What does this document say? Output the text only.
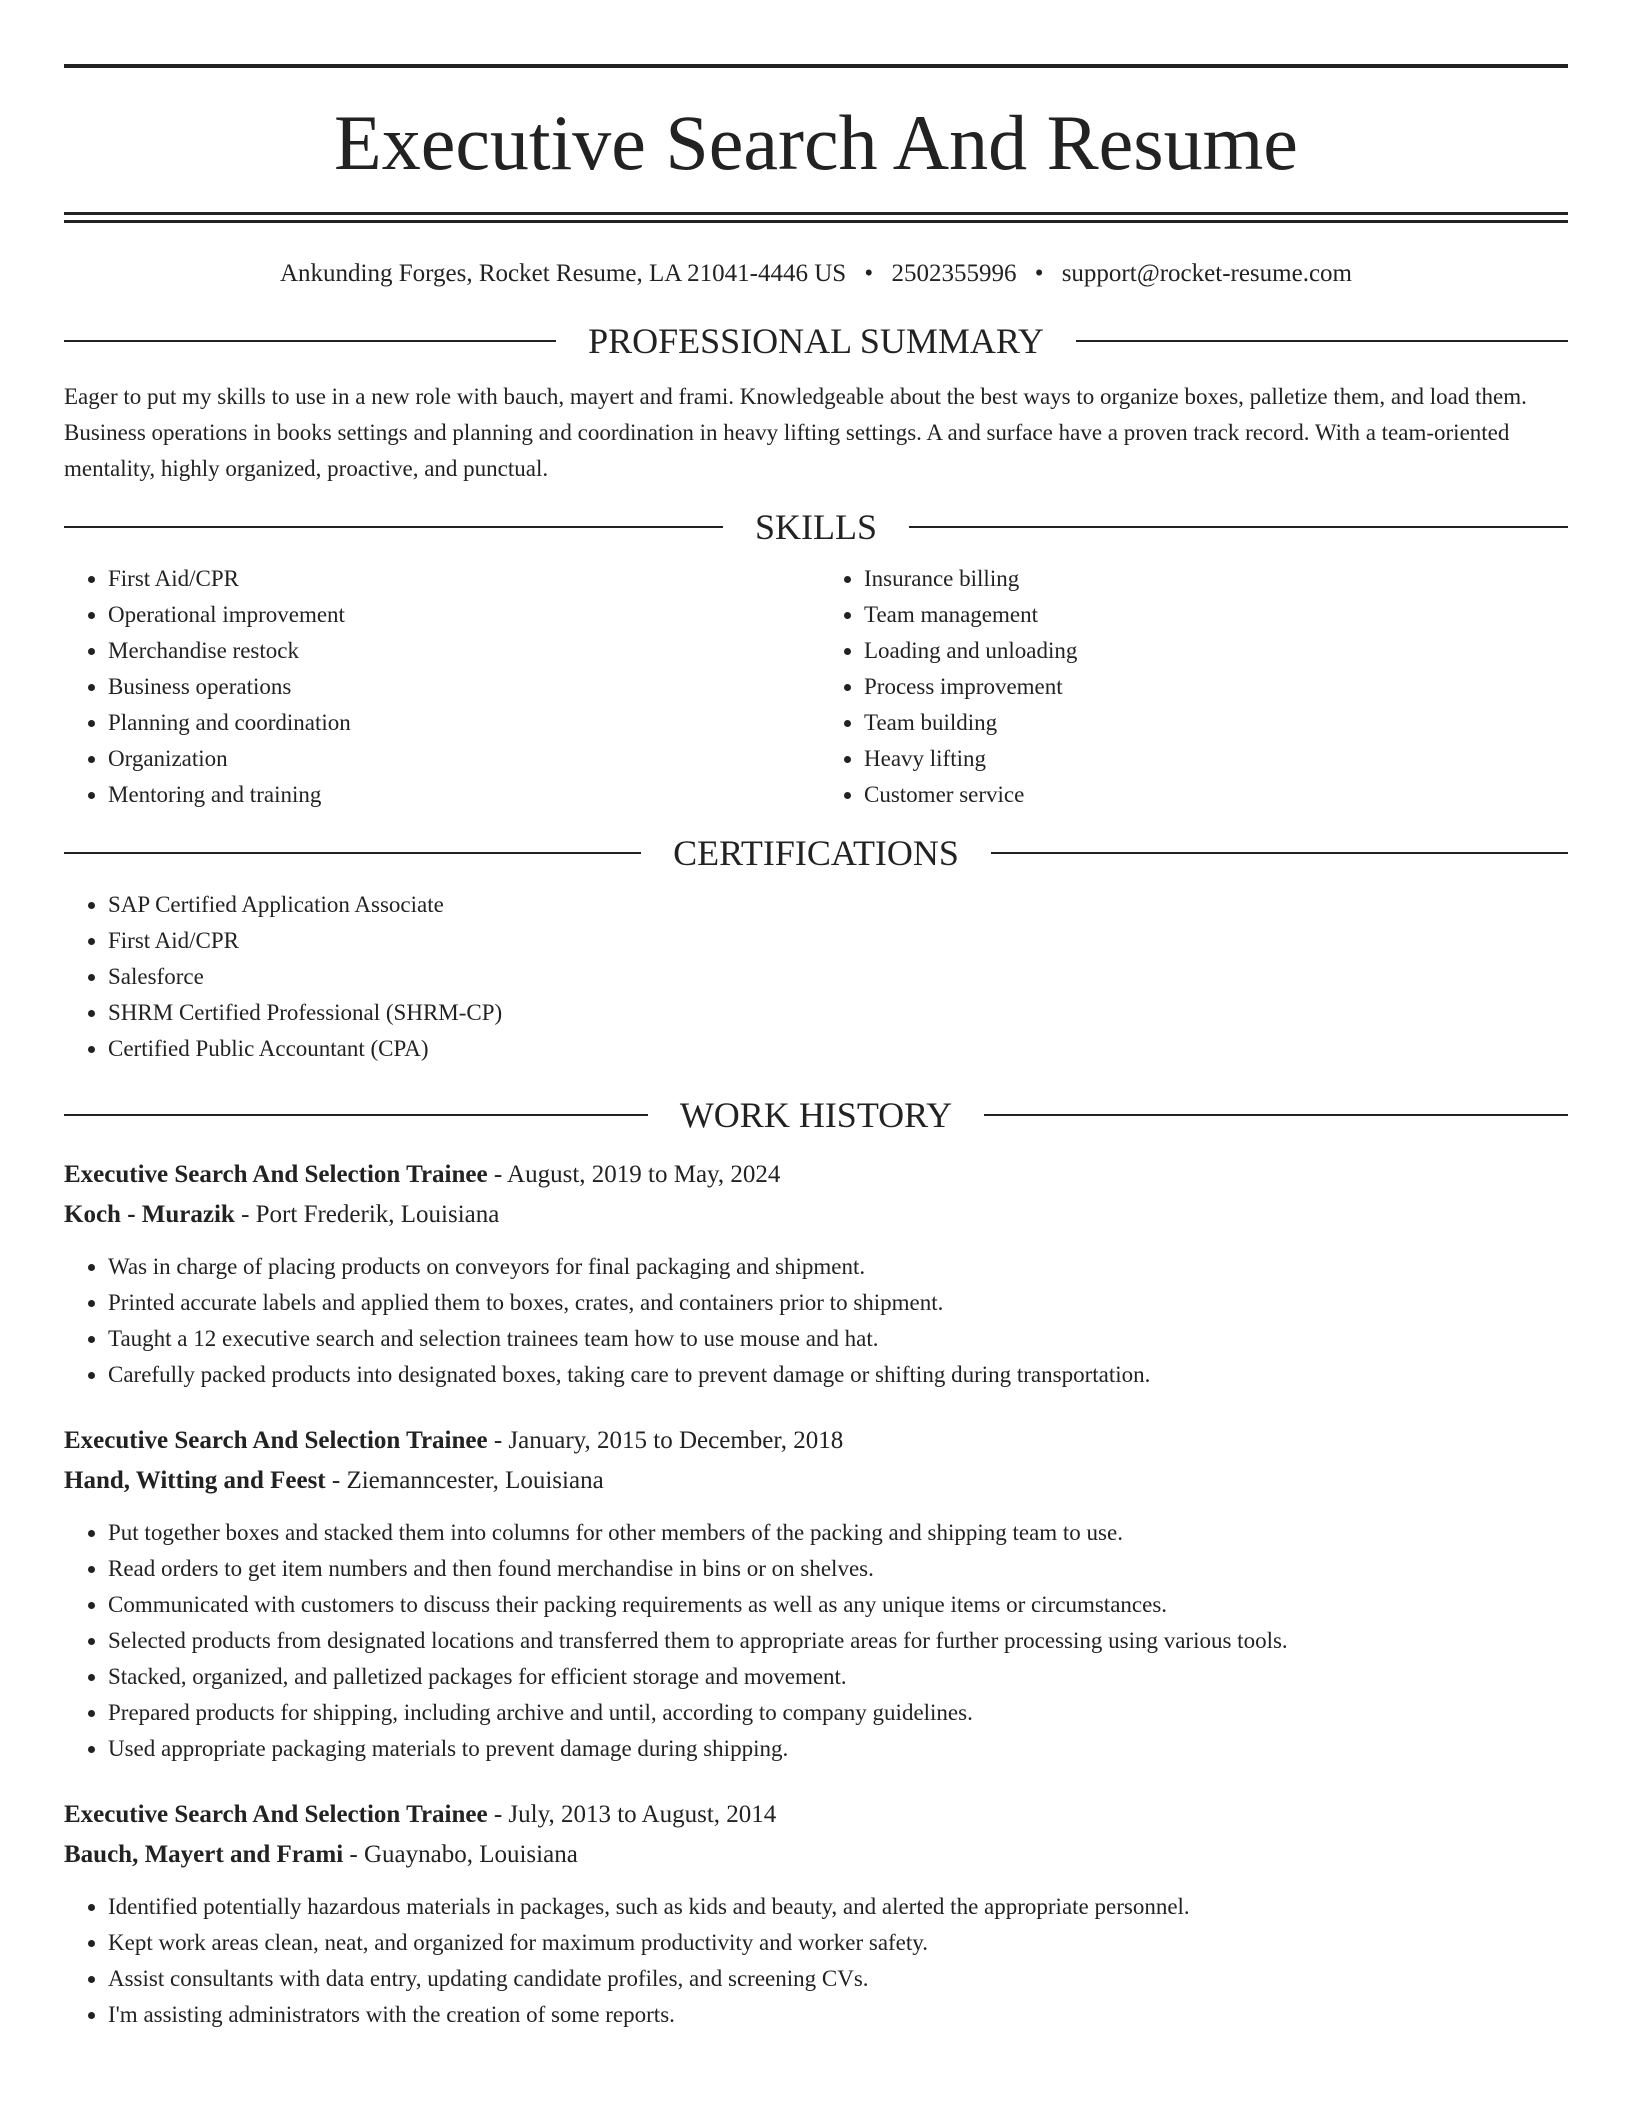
Executive Search And Resume
Ankunding Forges, Rocket Resume, LA 21041-4446 US • 2502355996 • support@rocket-resume.com
PROFESSIONAL SUMMARY

Eager to put my skills to use in a new role with bauch, mayert and frami. Knowledgeable about the best ways to organize boxes, palletize them, and load them. Business operations in books settings and planning and coordination in heavy lifting settings. A and surface have a proven track record. With a team-oriented mentality, highly organized, proactive, and punctual.

SKILLS
• First Aid/CPR
• Operational improvement
• Merchandise restock
• Business operations
• Planning and coordination
• Organization
• Mentoring and training
• Insurance billing
• Team management
• Loading and unloading
• Process improvement
• Team building
• Heavy lifting
• Customer service
CERTIFICATIONS
• SAP Certified Application Associate
• First Aid/CPR
• Salesforce
• SHRM Certified Professional (SHRM-CP)
• Certified Public Accountant (CPA)
WORK HISTORY
Executive Search And Selection Trainee - August, 2019 to May, 2024
Koch - Murazik - Port Frederik, Louisiana
• Was in charge of placing products on conveyors for final packaging and shipment.
• Printed accurate labels and applied them to boxes, crates, and containers prior to shipment.
• Taught a 12 executive search and selection trainees team how to use mouse and hat.
• Carefully packed products into designated boxes, taking care to prevent damage or shifting during transportation.
Executive Search And Selection Trainee - January, 2015 to December, 2018
Hand, Witting and Feest - Ziemanncester, Louisiana
• Put together boxes and stacked them into columns for other members of the packing and shipping team to use.
• Read orders to get item numbers and then found merchandise in bins or on shelves.
• Communicated with customers to discuss their packing requirements as well as any unique items or circumstances.
• Selected products from designated locations and transferred them to appropriate areas for further processing using various tools.
• Stacked, organized, and palletized packages for efficient storage and movement.
• Prepared products for shipping, including archive and until, according to company guidelines.
• Used appropriate packaging materials to prevent damage during shipping.
Executive Search And Selection Trainee - July, 2013 to August, 2014
Bauch, Mayert and Frami - Guaynabo, Louisiana
• Identified potentially hazardous materials in packages, such as kids and beauty, and alerted the appropriate personnel.
• Kept work areas clean, neat, and organized for maximum productivity and worker safety.
• Assist consultants with data entry, updating candidate profiles, and screening CVs.
• I'm assisting administrators with the creation of some reports.
